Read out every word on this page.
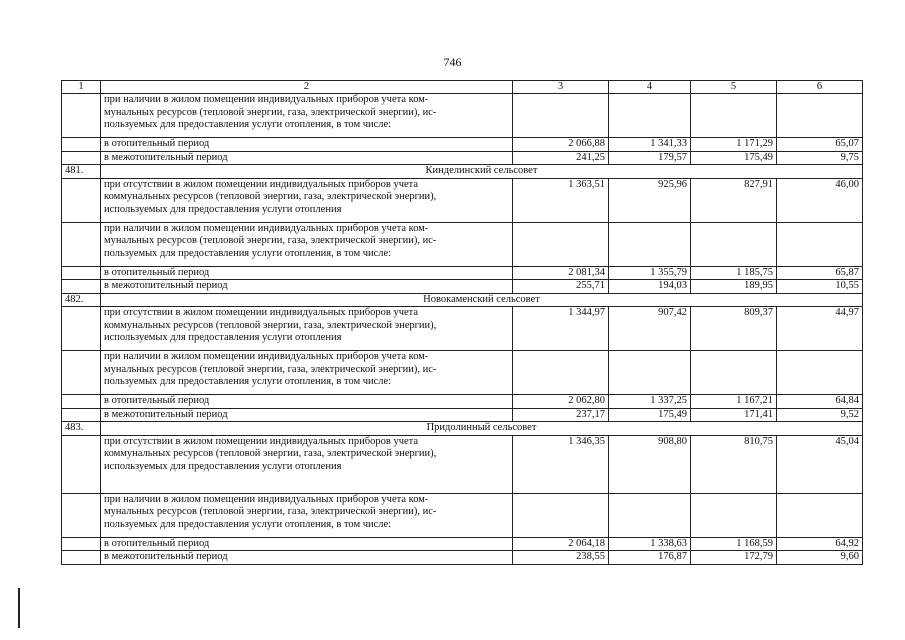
746
1	2	3	4	5	6

	при наличии в жилом помещении индивидуальных приборов учета ком-
мунальных ресурсов (тепловой энергии, газа, электрической энергии), ис-
пользуемых для предоставления услуги отопления, в том числе:				

	в отопительный период	2 066,88	1 341,33	1 171,29	65,07
	в межотопительный период	241,25	179,57	175,49	9,75
481.	Кинделинский сельсовет				

	при отсутствии в жилом помещении индивидуальных приборов учета
коммунальных ресурсов (тепловой энергии, газа, электрической энергии),
используемых для предоставления услуги отопления	1 363,51	925,96	827,91	46,00

	при наличии в жилом помещении индивидуальных приборов учета ком-
мунальных ресурсов (тепловой энергии, газа, электрической энергии), ис-
пользуемых для предоставления услуги отопления, в том числе:				

	в отопительный период	2 081,34	1 355,79	1 185,75	65,87
	в межотопительный период	255,71	194,03	189,95	10,55
482.	Новокаменский сельсовет				

	при отсутствии в жилом помещении индивидуальных приборов учета
коммунальных ресурсов (тепловой энергии, газа, электрической энергии),
используемых для предоставления услуги отопления	1 344,97	907,42	809,37	44,97

	при наличии в жилом помещении индивидуальных приборов учета ком-
мунальных ресурсов (тепловой энергии, газа, электрической энергии), ис-
пользуемых для предоставления услуги отопления, в том числе:				

	в отопительный период	2 062,80	1 337,25	1 167,21	64,84
	в межотопительный период	237,17	175,49	171,41	9,52
483.	Придолинный сельсовет				

	при отсутствии в жилом помещении индивидуальных приборов учета
коммунальных ресурсов (тепловой энергии, газа, электрической энергии),
используемых для предоставления услуги отопления	1 346,35	908,80	810,75	45,04

	при наличии в жилом помещении индивидуальных приборов учета ком-
мунальных ресурсов (тепловой энергии, газа, электрической энергии), ис-
пользуемых для предоставления услуги отопления, в том числе:				

	в отопительный период	2 064,18	1 338,63	1 168,59	64,92
	в межотопительный период	238,55	176,87	172,79	9,60
